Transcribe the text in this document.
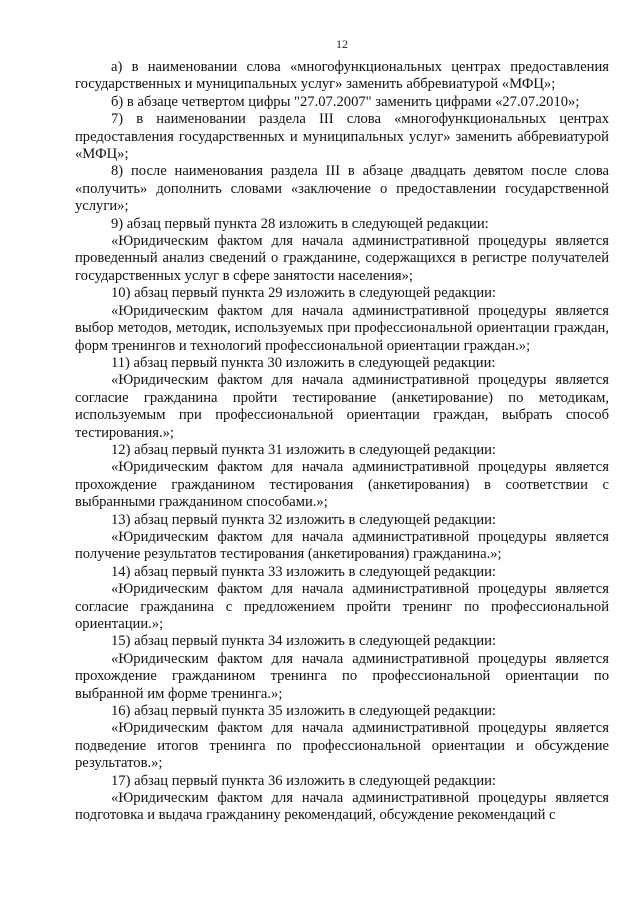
12

а) в наименовании слова «многофункциональных центрах предоставления государственных и муниципальных услуг» заменить аббревиатурой «МФЦ»;

б) в абзаце четвертом цифры "27.07.2007" заменить цифрами «27.07.2010»;

7) в наименовании раздела III слова «многофункциональных центрах предоставления государственных и муниципальных услуг» заменить аббревиатурой «МФЦ»;

8) после наименования раздела III в абзаце двадцать девятом после слова «получить» дополнить словами «заключение о предоставлении государственной услуги»;

9) абзац первый пункта 28 изложить в следующей редакции:

«Юридическим фактом для начала административной процедуры является проведенный анализ сведений о гражданине, содержащихся в регистре получателей государственных услуг в сфере занятости населения»;

10) абзац первый пункта 29 изложить в следующей редакции:

«Юридическим фактом для начала административной процедуры является выбор методов, методик, используемых при профессиональной ориентации граждан, форм тренингов и технологий профессиональной ориентации граждан.»;

11) абзац первый пункта 30 изложить в следующей редакции:

«Юридическим фактом для начала административной процедуры является согласие гражданина пройти тестирование (анкетирование) по методикам, используемым при профессиональной ориентации граждан, выбрать способ тестирования.»;

12) абзац первый пункта 31 изложить в следующей редакции:

«Юридическим фактом для начала административной процедуры является прохождение гражданином тестирования (анкетирования) в соответствии с выбранными гражданином способами.»;

13) абзац первый пункта 32 изложить в следующей редакции:

«Юридическим фактом для начала административной процедуры является получение результатов тестирования (анкетирования) гражданина.»;

14) абзац первый пункта 33 изложить в следующей редакции:

«Юридическим фактом для начала административной процедуры является согласие гражданина с предложением пройти тренинг по профессиональной ориентации.»;

15) абзац первый пункта 34 изложить в следующей редакции:

«Юридическим фактом для начала административной процедуры является прохождение гражданином тренинга по профессиональной ориентации по выбранной им форме тренинга.»;

16) абзац первый пункта 35 изложить в следующей редакции:

«Юридическим фактом для начала административной процедуры является подведение итогов тренинга по профессиональной ориентации и обсуждение результатов.»;

17) абзац первый пункта 36 изложить в следующей редакции:

«Юридическим фактом для начала административной процедуры является подготовка и выдача гражданину рекомендаций, обсуждение рекомендаций с
